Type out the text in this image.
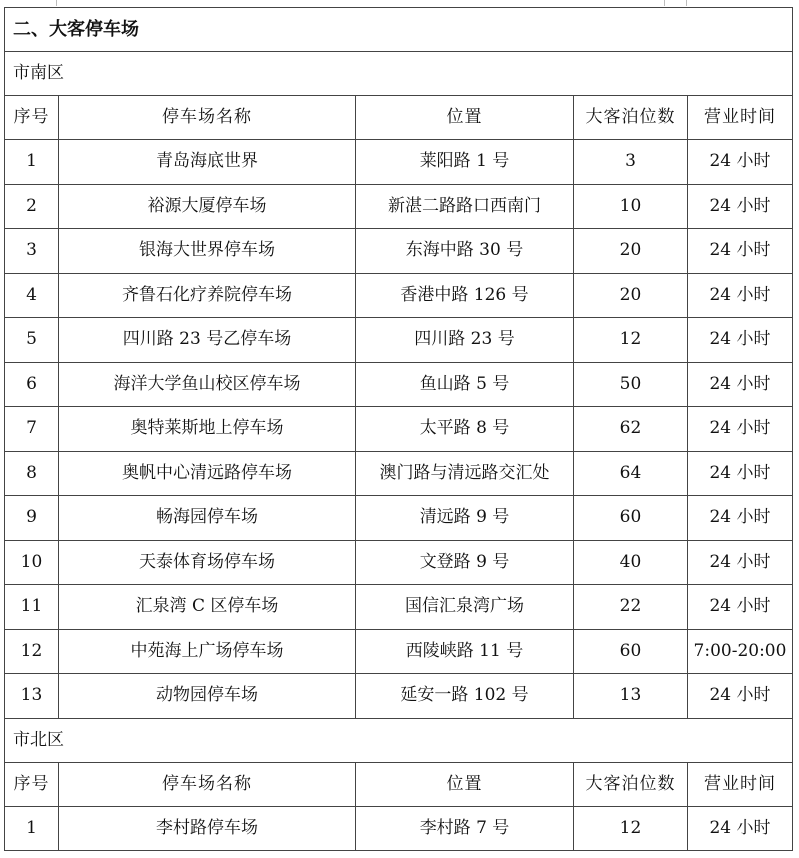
二、大客停车场				
市南区				
序号	停车场名称	位置	大客泊位数	营业时间
1	青岛海底世界	莱阳路 1 号	3	24 小时
2	裕源大厦停车场	新湛二路路口西南门	10	24 小时
3	银海大世界停车场	东海中路 30 号	20	24 小时
4	齐鲁石化疗养院停车场	香港中路 126 号	20	24 小时
5	四川路 23 号乙停车场	四川路 23 号	12	24 小时
6	海洋大学鱼山校区停车场	鱼山路 5 号	50	24 小时
7	奥特莱斯地上停车场	太平路 8 号	62	24 小时
8	奥帆中心清远路停车场	澳门路与清远路交汇处	64	24 小时
9	畅海园停车场	清远路 9 号	60	24 小时
10	天泰体育场停车场	文登路 9 号	40	24 小时
11	汇泉湾 C 区停车场	国信汇泉湾广场	22	24 小时
12	中苑海上广场停车场	西陵峡路 11 号	60	7:00-20:00
13	动物园停车场	延安一路 102 号	13	24 小时
市北区				
序号	停车场名称	位置	大客泊位数	营业时间
1	李村路停车场	李村路 7 号	12	24 小时
